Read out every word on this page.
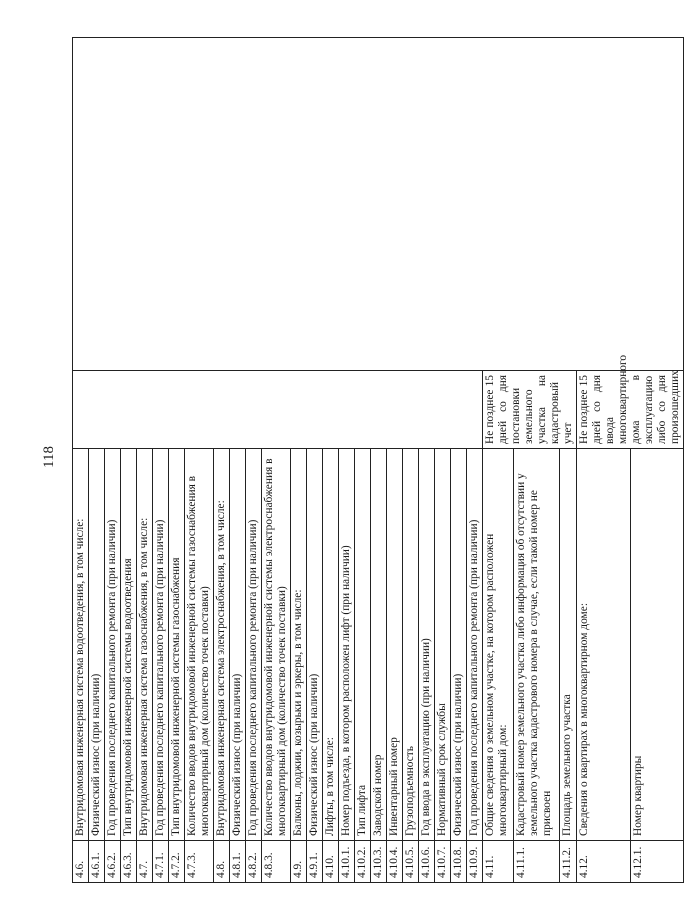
118
4.6.	Внутридомовая инженерная система водоотведения, в том числе:		
4.6.1.	Физический износ (при наличии)		
4.6.2.	Год проведения последнего капитального ремонта (при наличии)		
4.6.3.	Тип внутридомовой инженерной системы водоотведения		
4.7.	Внутридомовая инженерная система газоснабжения, в том числе:		
4.7.1.	Год проведения последнего капитального ремонта (при наличии)		
4.7.2.	Тип внутридомовой инженерной системы газоснабжения		
4.7.3.	Количество вводов внутридомовой инженерной системы газоснабжения в многоквартирный дом (количество точек поставки)		
4.8.	Внутридомовая инженерная система электроснабжения, в том числе:		
4.8.1.	Физический износ (при наличии)		
4.8.2.	Год проведения последнего капитального ремонта (при наличии)		
4.8.3.	Количество вводов внутридомовой инженерной системы электроснабжения в многоквартирный дом (количество точек поставки)		
4.9.	Балконы, лоджии, козырьки и эркеры, в том числе:		
4.9.1.	Физический износ (при наличии)		
4.10.	Лифты, в том числе:		
4.10.1.	Номер подъезда, в котором расположен лифт (при наличии)		
4.10.2.	Тип лифта		
4.10.3.	Заводской номер		
4.10.4.	Инвентарный номер		
4.10.5.	Грузоподъемность		
4.10.6.	Год ввода в эксплуатацию (при наличии)		
4.10.7.	Нормативный срок службы		
4.10.8.	Физический износ (при наличии)		
4.10.9.	Год проведения последнего капитального ремонта (при наличии)		
4.11.	Общие сведения о земельном участке, на котором расположен многоквартирный дом:	Не позднее 15 дней со дня постановки земельного участка на кадастровый учет	
4.11.1.	Кадастровый номер земельного участка либо информация об отсутствии у земельного участка кадастрового номера в случае, если такой номер не присвоен		
4.11.2.	Площадь земельного участка		
4.12.	Сведения о квартирах в многоквартирном доме:	Не позднее 15 дней со дня ввода многоквартирного дома в эксплуатацию либо со дня произошедших	
4.12.1.	Номер квартиры		
